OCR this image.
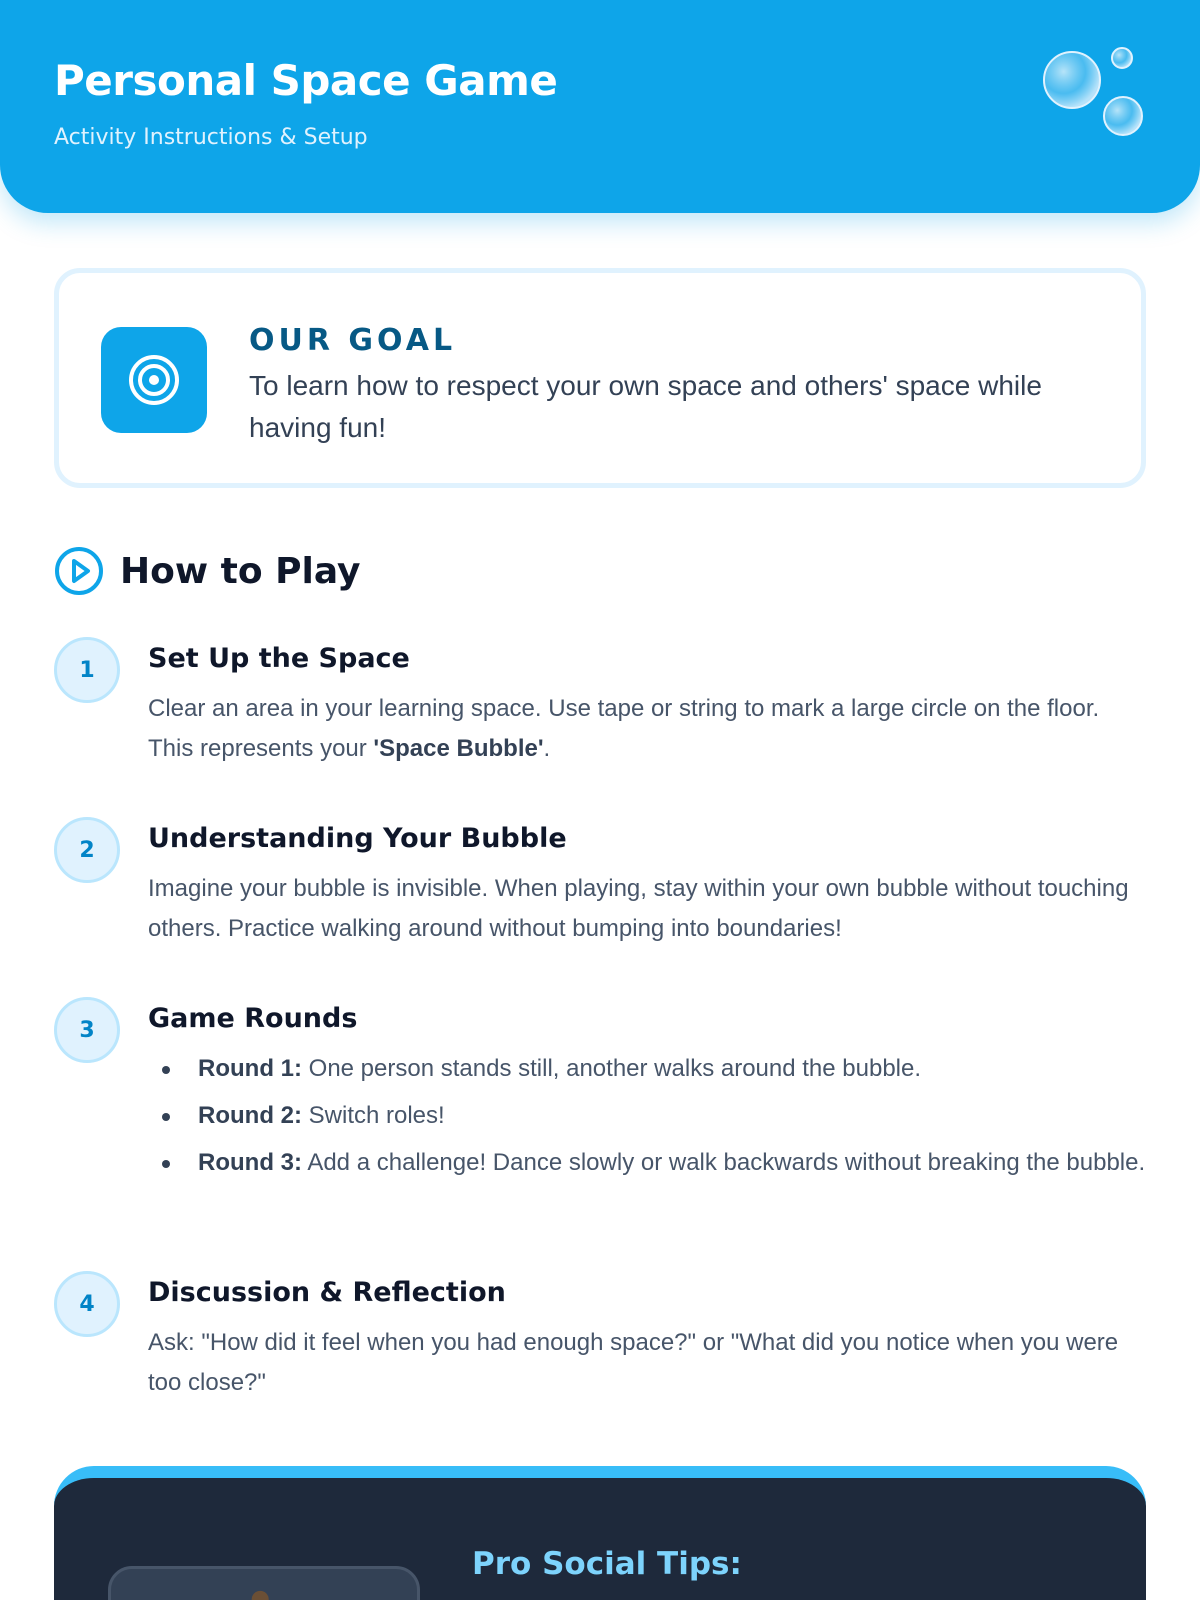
Personal Space Game
Activity Instructions & Setup
OUR GOAL
To learn how to respect your own space and others' space while having fun!
How to Play
1	Set Up the Space
Clear an area in your learning space. Use tape or string to mark a large circle on the floor. This represents your 'Space Bubble'.
2	Understanding Your Bubble
Imagine your bubble is invisible. When playing, stay within your own bubble without touching others. Practice walking around without bumping into boundaries!
3	Game Rounds
Round 1: One person stands still, another walks around the bubble.
Round 2: Switch roles!
Round 3: Add a challenge! Dance slowly or walk backwards without breaking the bubble.
4	Discussion & Reflection
Ask: "How did it feel when you had enough space?" or "What did you notice when you were too close?"
Pro Social Tips:
